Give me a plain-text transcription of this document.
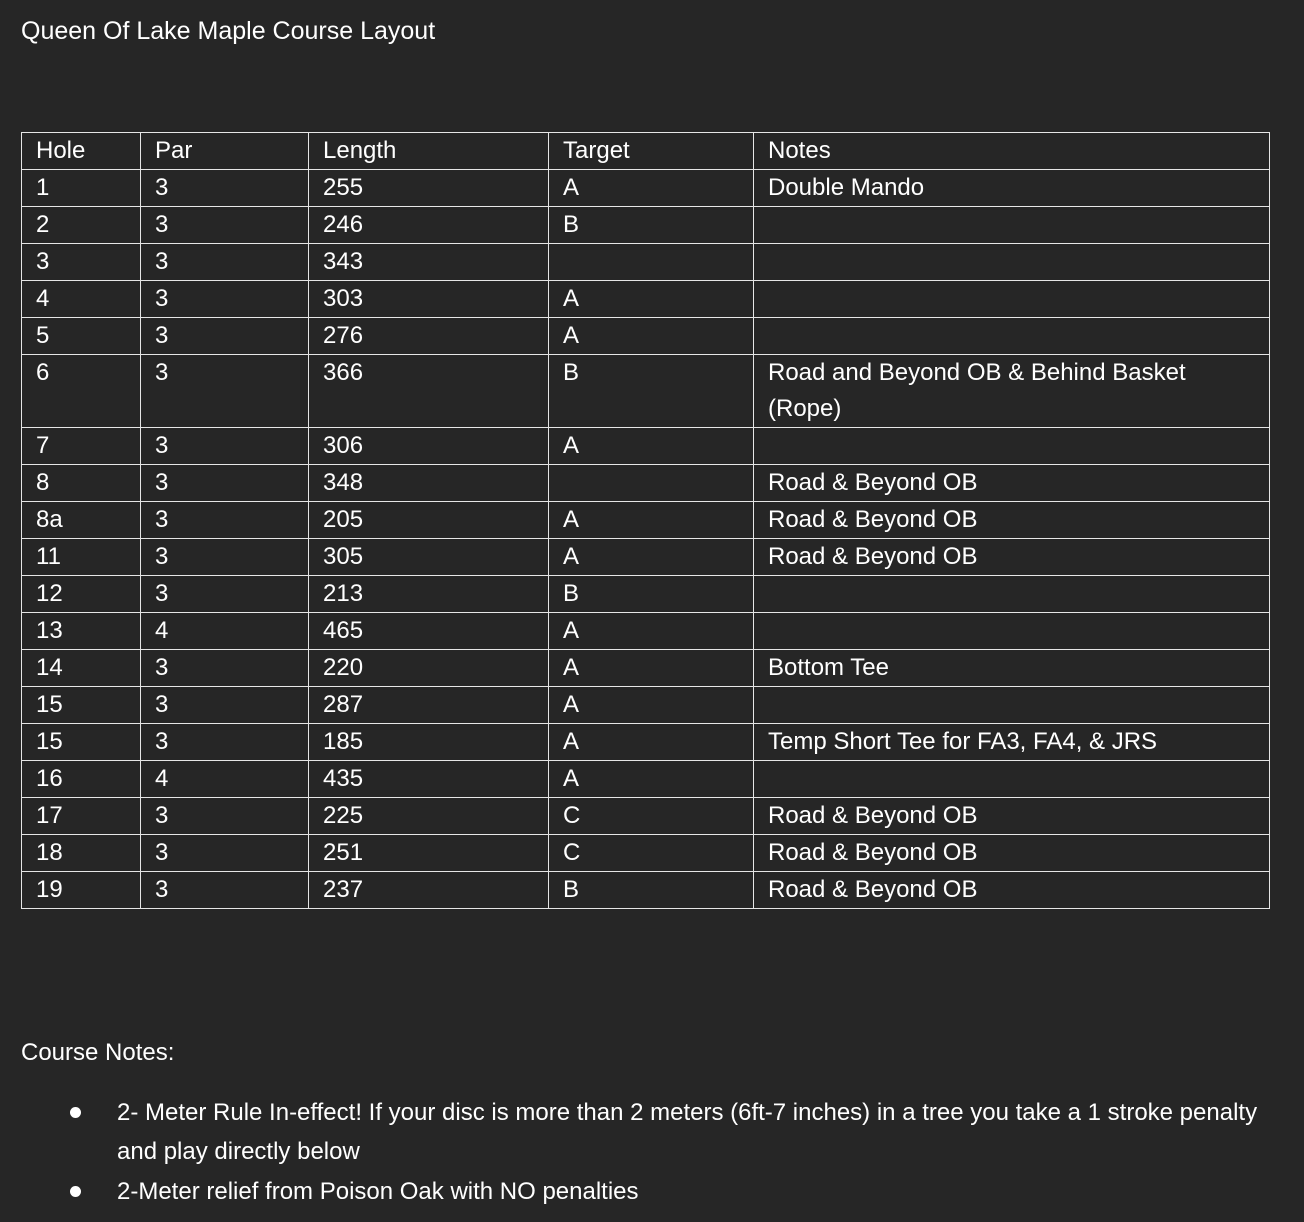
Queen Of Lake Maple Course Layout
Hole	Par	Length	Target	Notes
1	3	255	A	Double Mando
2	3	246	B	
3	3	343		
4	3	303	A	
5	3	276	A	
6	3	366	B	Road and Beyond OB & Behind Basket (Rope)
7	3	306	A	
8	3	348		Road & Beyond OB
8a	3	205	A	Road & Beyond OB
11	3	305	A	Road & Beyond OB
12	3	213	B	
13	4	465	A	
14	3	220	A	Bottom Tee
15	3	287	A	
15	3	185	A	Temp Short Tee for FA3, FA4, & JRS
16	4	435	A	
17	3	225	C	Road & Beyond OB
18	3	251	C	Road & Beyond OB
19	3	237	B	Road & Beyond OB
Course Notes:
2- Meter Rule In-effect! If your disc is more than 2 meters (6ft-7 inches) in a tree you take a 1 stroke penalty and play directly below
2-Meter relief from Poison Oak with NO penalties
